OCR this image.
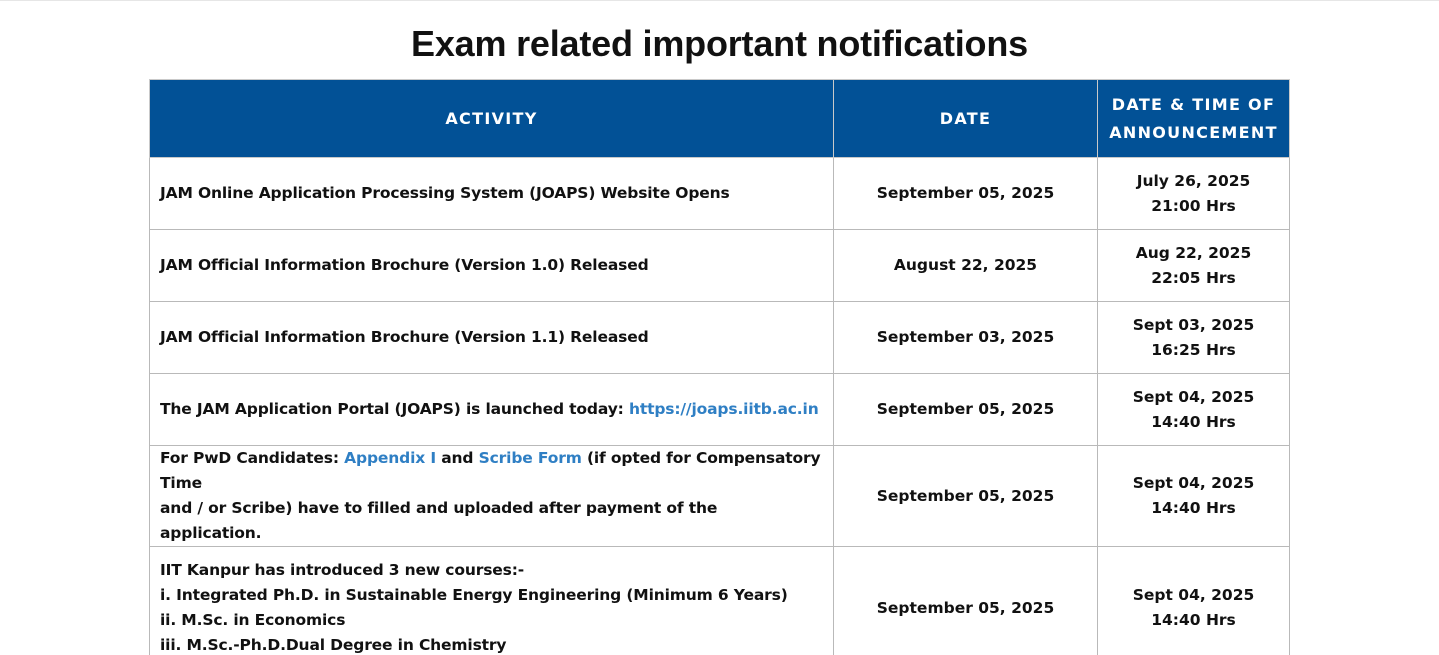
Exam related important notifications
ACTIVITY	DATE	DATE & TIME OF
ANNOUNCEMENT

JAM Online Application Processing System (JOAPS) Website Opens	September 05, 2025	July 26, 2025
21:00 Hrs

JAM Official Information Brochure (Version 1.0) Released	August 22, 2025	Aug 22, 2025
22:05 Hrs

JAM Official Information Brochure (Version 1.1) Released	September 03, 2025	Sept 03, 2025
16:25 Hrs

The JAM Application Portal (JOAPS) is launched today: https://joaps.iitb.ac.in	September 05, 2025	Sept 04, 2025
14:40 Hrs

For PwD Candidates: Appendix I and Scribe Form (if opted for Compensatory Time
and / or Scribe) have to filled and uploaded after payment of the application.	September 05, 2025	Sept 04, 2025
14:40 Hrs

IIT Kanpur has introduced 3 new courses:-
i. Integrated Ph.D. in Sustainable Energy Engineering (Minimum 6 Years)
ii. M.Sc. in Economics
iii. M.Sc.-Ph.D.Dual Degree in Chemistry	September 05, 2025	Sept 04, 2025
14:40 Hrs
